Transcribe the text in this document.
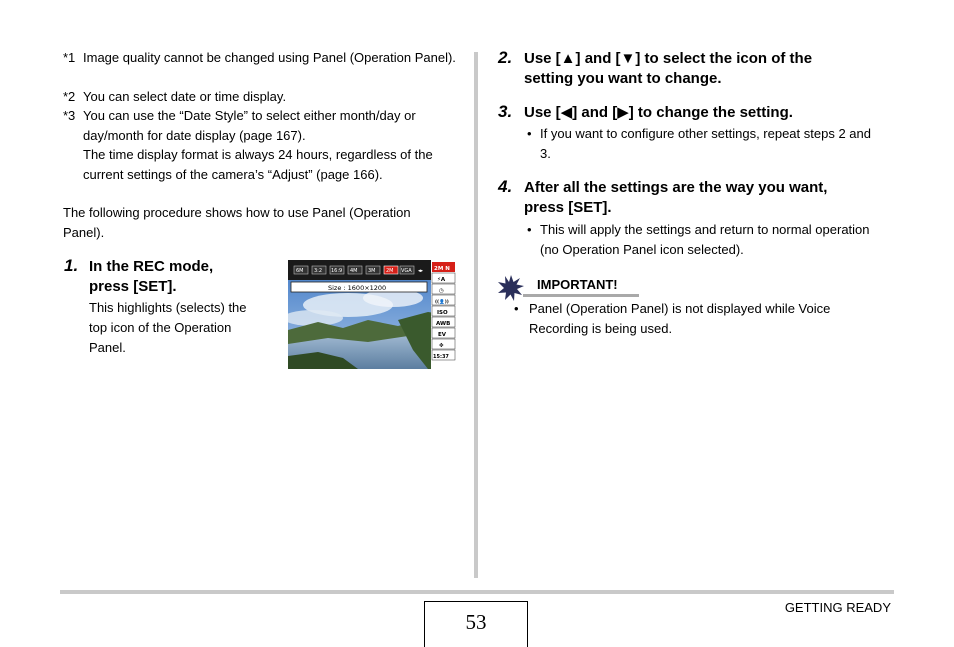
*1 Image quality cannot be changed using Panel (Operation Panel).
*2 You can select date or time display.
*3 You can use the “Date Style” to select either month/day or day/month for date display (page 167).
The time display format is always 24 hours, regardless of the current settings of the camera’s “Adjust” (page 166).
The following procedure shows how to use Panel (Operation Panel).
1. In the REC mode,
press [SET].
This highlights (selects) the
top icon of the Operation
Panel.
6M 3:2 16:9 4M 3M 2M VGA ◂▸
Size : 1600×1200
2M N
⚡A
◷
((👤))
ISO
AWB
EV
✥
15:37
2. Use [▲] and [▼] to select the icon of the
setting you want to change.
3. Use [◀] and [▶] to change the setting.
• If you want to configure other settings, repeat steps 2 and
3.
4. After all the settings are the way you want,
press [SET].
• This will apply the settings and return to normal operation
(no Operation Panel icon selected).
IMPORTANT!
• Panel (Operation Panel) is not displayed while Voice
Recording is being used.
53
GETTING READY
